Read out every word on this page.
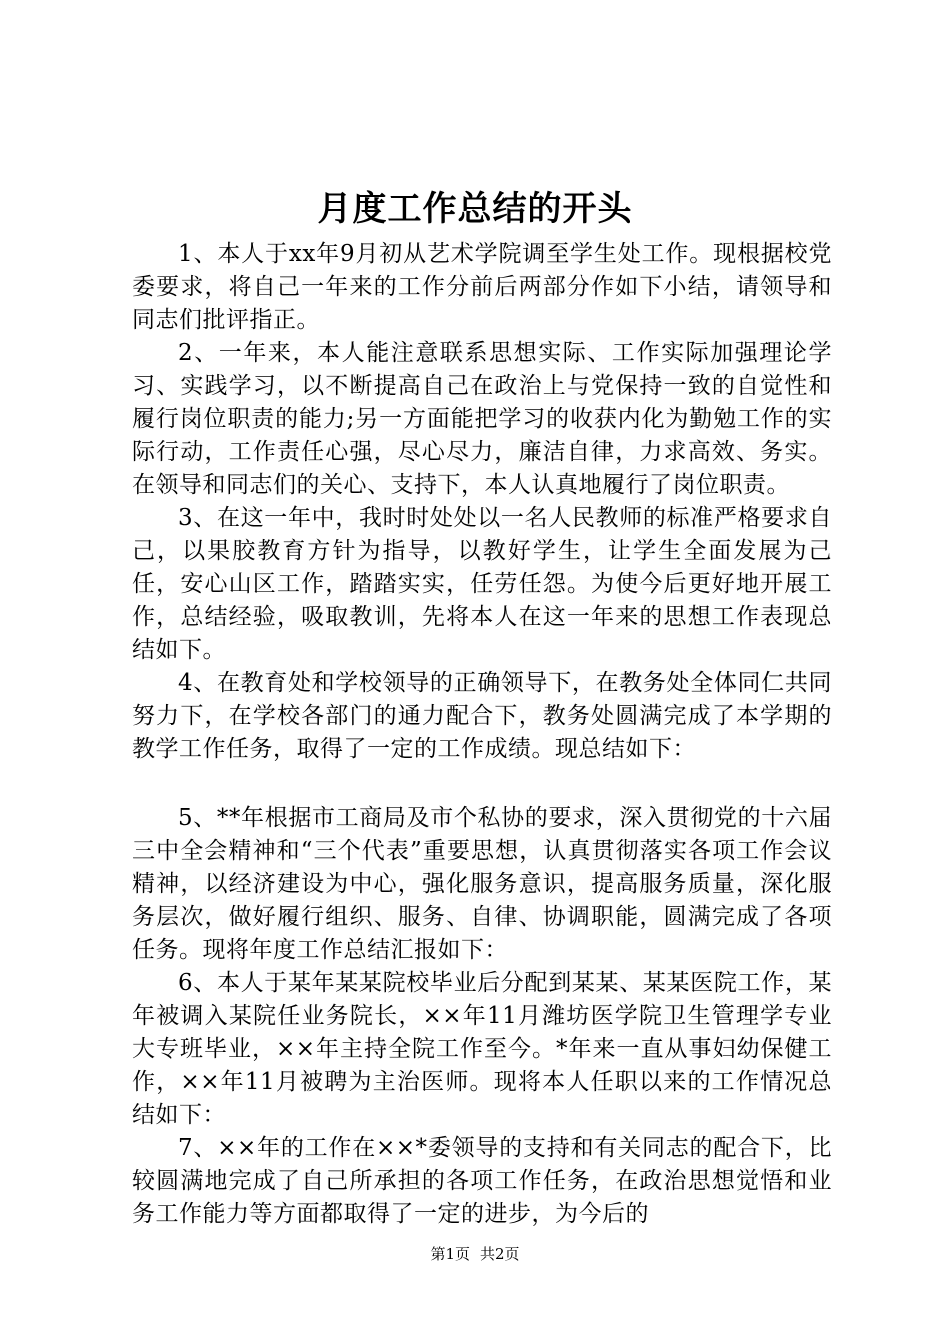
月度工作总结的开头

1、本人于xx年9月初从艺术学院调至学生处工作。现根据校党委要求，将自己一年来的工作分前后两部分作如下小结，请领导和同志们批评指正。

2、一年来，本人能注意联系思想实际、工作实际加强理论学习、实践学习，以不断提高自己在政治上与党保持一致的自觉性和履行岗位职责的能力;另一方面能把学习的收获内化为勤勉工作的实际行动，工作责任心强，尽心尽力，廉洁自律，力求高效、务实。在领导和同志们的关心、支持下，本人认真地履行了岗位职责。

3、在这一年中，我时时处处以一名人民教师的标准严格要求自己，以果胶教育方针为指导，以教好学生，让学生全面发展为己任，安心山区工作，踏踏实实，任劳任怨。为使今后更好地开展工作，总结经验，吸取教训，先将本人在这一年来的思想工作表现总结如下。

4、在教育处和学校领导的正确领导下，在教务处全体同仁共同努力下，在学校各部门的通力配合下，教务处圆满完成了本学期的教学工作任务，取得了一定的工作成绩。现总结如下：

5、**年根据市工商局及市个私协的要求，深入贯彻党的十六届三中全会精神和“三个代表”重要思想，认真贯彻落实各项工作会议精神，以经济建设为中心，强化服务意识，提高服务质量，深化服务层次，做好履行组织、服务、自律、协调职能，圆满完成了各项任务。现将年度工作总结汇报如下：

6、本人于某年某某院校毕业后分配到某某、某某医院工作，某年被调入某院任业务院长，××年11月潍坊医学院卫生管理学专业大专班毕业，××年主持全院工作至今。*年来一直从事妇幼保健工作，××年11月被聘为主治医师。现将本人任职以来的工作情况总结如下：

7、××年的工作在××*委领导的支持和有关同志的配合下，比较圆满地完成了自己所承担的各项工作任务，在政治思想觉悟和业务工作能力等方面都取得了一定的进步，为今后的

第1页 共2页
